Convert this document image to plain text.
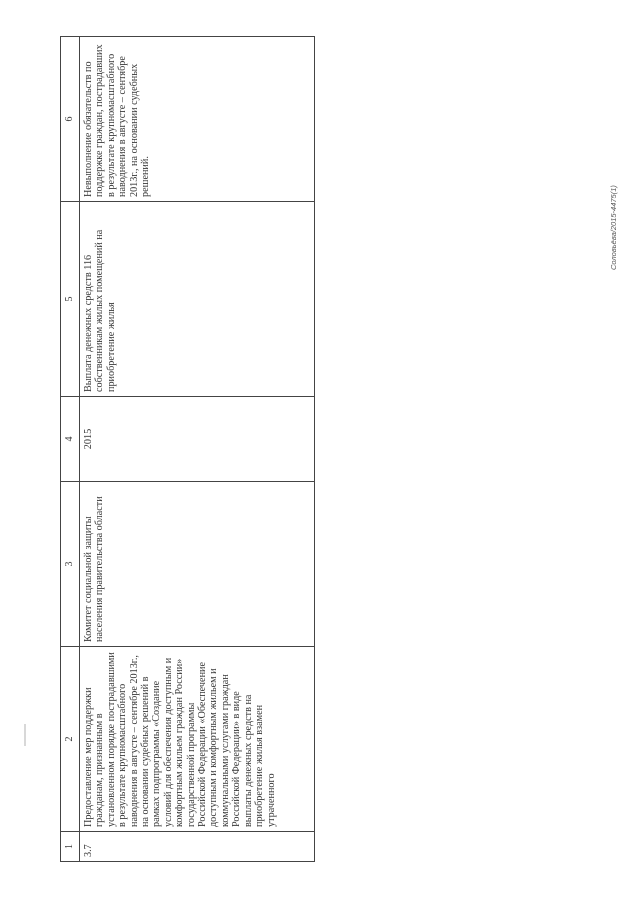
1	2	3	4	5	6
3.7	Предоставление мер поддержки гражданам, признанным в установленном порядке пострадавшими в результате крупномасштабного наводнения в августе – сентябре 2013г., на основании судебных решений в рамках подпрограммы «Создание условий для обеспечения доступным и комфортным жильем граждан России» государственной программы Российской Федерации «Обеспечение доступным и комфортным жильем и коммунальными услугами граждан Российской Федерации» в виде выплаты денежных средств на приобретение жилья взамен утраченного	Комитет социальной защиты населения правительства области	2015	Выплата денежных средств 116 собственникам жилых помещений на приобретение жилья	Невыполнение обязательств по поддержке граждан, пострадавших в результате крупномасштабного наводнения в августе – сентябре 2013г., на основании судебных решений.
Соловьёва/2015-4475(1)
